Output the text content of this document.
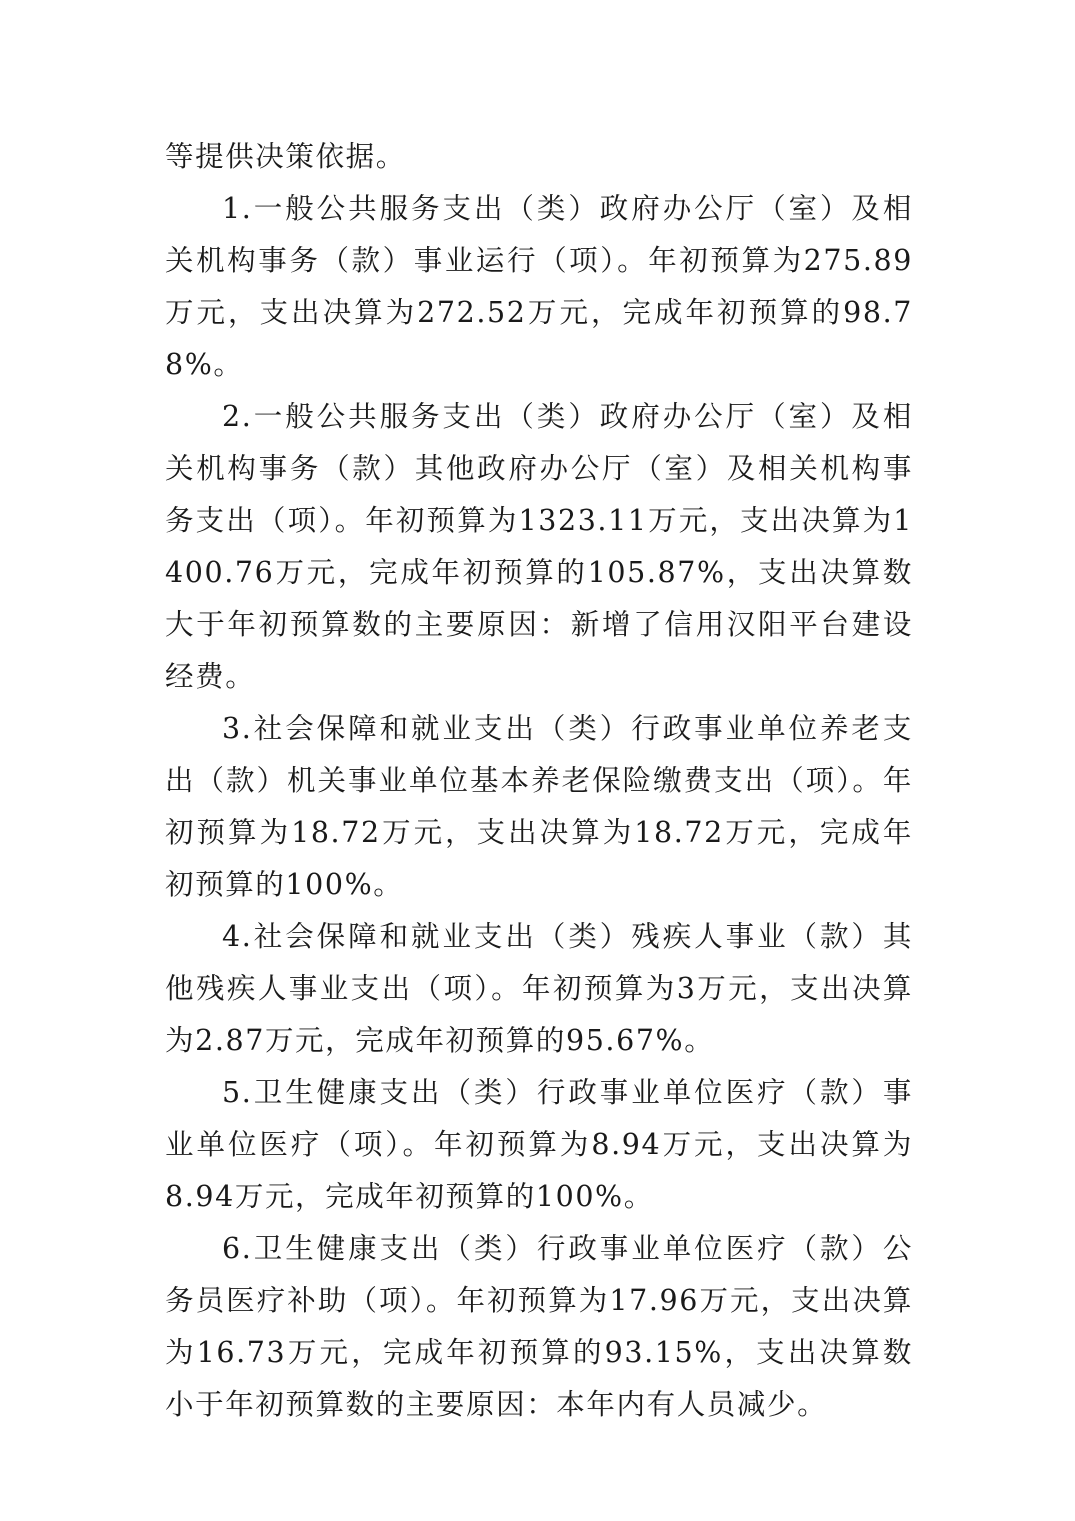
等提供决策依据。

1.一般公共服务支出（类）政府办公厅（室）及相关机构事务（款）事业运行（项）。年初预算为275.89万元，支出决算为272.52万元，完成年初预算的98.78%。

2.一般公共服务支出（类）政府办公厅（室）及相关机构事务（款）其他政府办公厅（室）及相关机构事务支出（项）。年初预算为1323.11万元，支出决算为1400.76万元，完成年初预算的105.87%，支出决算数大于年初预算数的主要原因：新增了信用汉阳平台建设经费。

3.社会保障和就业支出（类）行政事业单位养老支出（款）机关事业单位基本养老保险缴费支出（项）。年初预算为18.72万元，支出决算为18.72万元，完成年初预算的100%。

4.社会保障和就业支出（类）残疾人事业（款）其他残疾人事业支出（项）。年初预算为3万元，支出决算为2.87万元，完成年初预算的95.67%。

5.卫生健康支出（类）行政事业单位医疗（款）事业单位医疗（项）。年初预算为8.94万元，支出决算为8.94万元，完成年初预算的100%。

6.卫生健康支出（类）行政事业单位医疗（款）公务员医疗补助（项）。年初预算为17.96万元，支出决算为16.73万元，完成年初预算的93.15%，支出决算数小于年初预算数的主要原因：本年内有人员减少。
